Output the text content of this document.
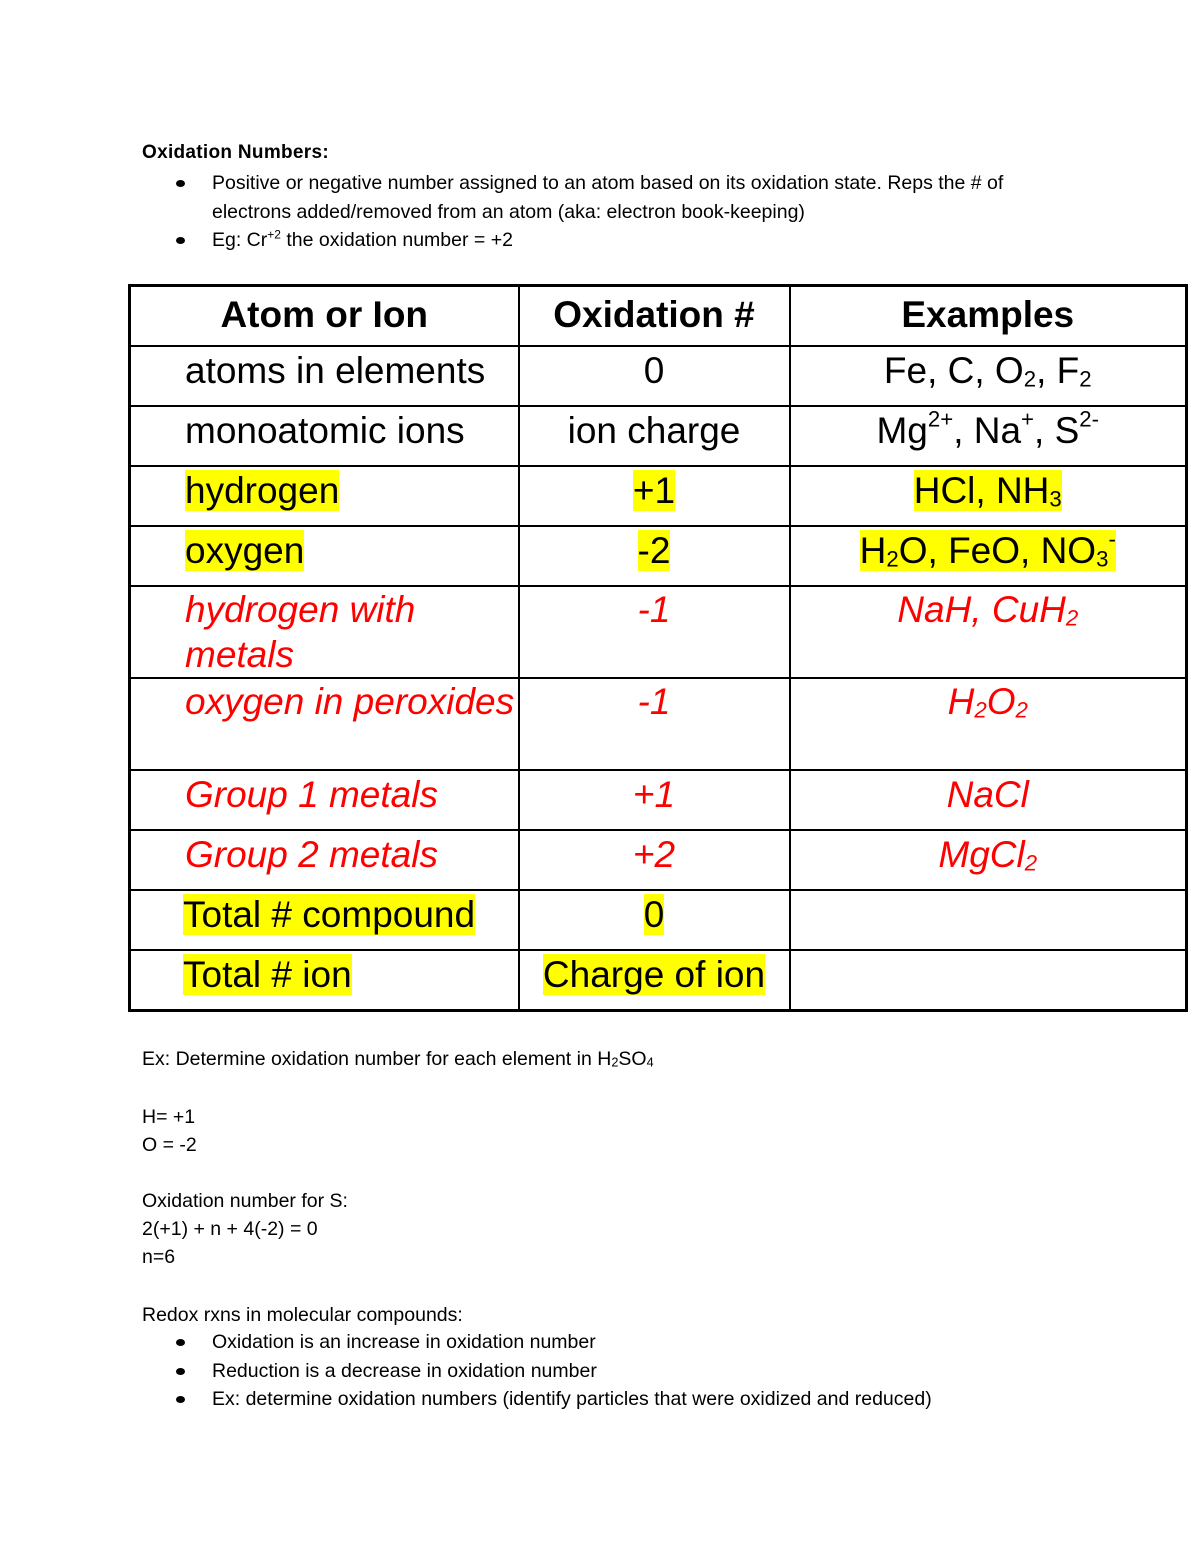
Oxidation Numbers:
Positive or negative number assigned to an atom based on its oxidation state. Reps the # of electrons added/removed from an atom (aka: electron book-keeping)
Eg: $Cr^{+2}$ the oxidation number = +2
Atom or Ion	Oxidation #	Examples
atoms in elements	0	Fe, C, $O_2$, $F_2$
monoatomic ions	ion charge	$Mg^{2+}$, Na+, $S^{2-}$
hydrogen	+1	HCl, $NH_3$
oxygen	-2	$H_2O$, FeO, $NO_3^-$
hydrogen with metals	-1	NaH, CuH$_2$
oxygen in peroxides	-1	$H_2O_2$
Group 1 metals	+1	NaCl
Group 2 metals	+2	MgCl$_2$
Total # compound	0	
Total # ion	Charge of ion	
Ex: Determine oxidation number for each element in $H_2SO_4$
H= +1
O = -2
Oxidation number for S:
2(+1) + n + 4(-2) = 0
n=6
Redox rxns in molecular compounds:
Oxidation is an increase in oxidation number
Reduction is a decrease in oxidation number
Ex: determine oxidation numbers (identify particles that were oxidized and reduced)
